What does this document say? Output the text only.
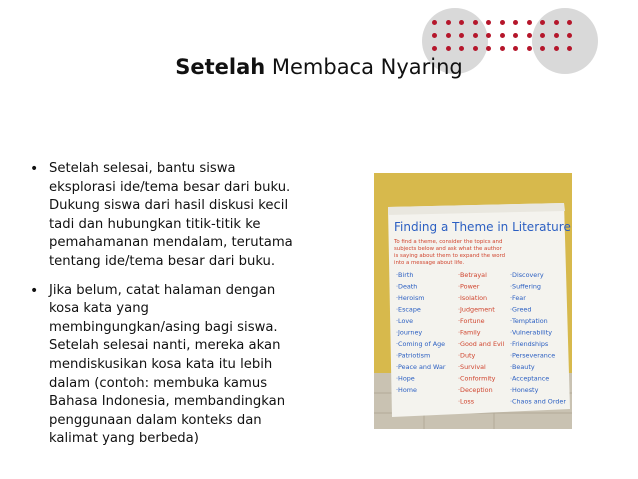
Setelah Membaca Nyaring
• Setelah selesai, bantu siswa eksplorasi ide/tema besar dari buku. Dukung siswa dari hasil diskusi kecil tadi dan hubungkan titik-titik ke pemahamanan mendalam, terutama tentang ide/tema besar dari buku.
• Jika belum, catat halaman dengan kosa kata yang membingungkan/asing bagi siswa. Setelah selesai nanti, mereka akan mendiskusikan kosa kata itu lebih dalam (contoh: membuka kamus Bahasa Indonesia, membandingkan penggunaan dalam konteks dan kalimat yang berbeda)
Finding a Theme in Literature
To find a theme, consider the topics and
subjects below and ask what the author
is saying about them to expand the word
into a message about life.
·Birth
·Death
·Heroism
·Escape
·Love
·Journey
·Coming of Age
·Patriotism
·Peace and War
·Hope
·Home
·Betrayal
·Power
·Isolation
·Judgement
·Fortune
·Family
·Good and Evil
·Duty
·Survival
·Conformity
·Deception
·Loss
·Discovery
·Suffering
·Fear
·Greed
·Temptation
·Vulnerability
·Friendships
·Perseverance
·Beauty
·Acceptance
·Honesty
·Chaos and Order
